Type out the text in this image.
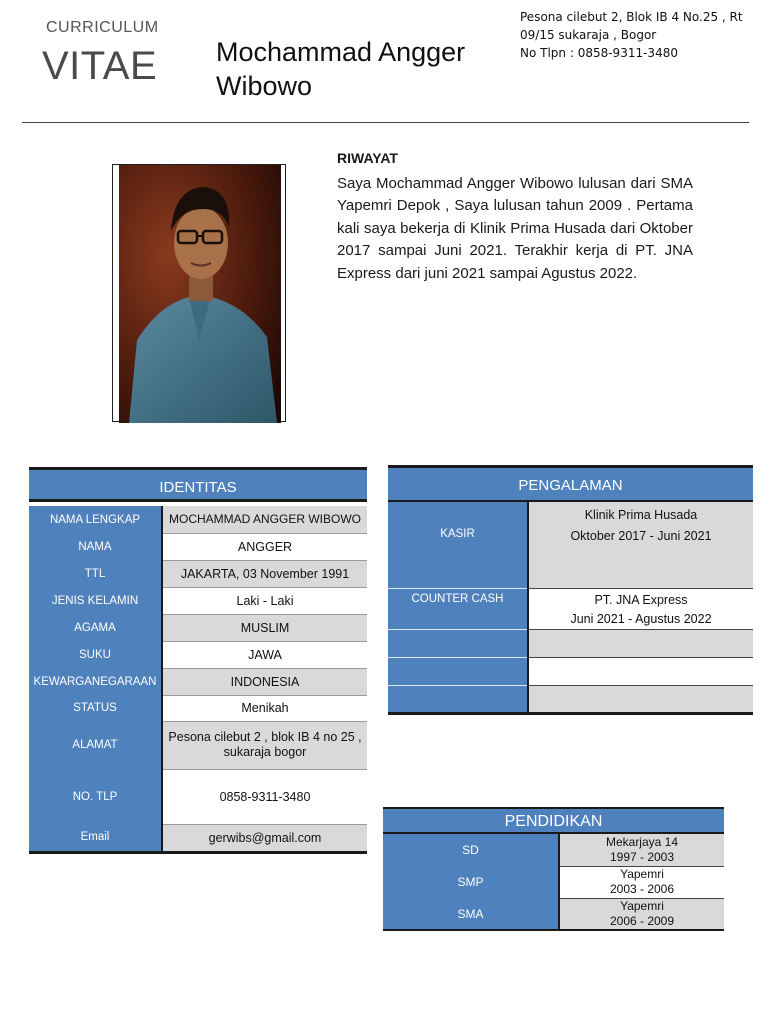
CURRICULUM
VITAE Mochammad Angger
Wibowo
Pesona cilebut 2, Blok IB 4 No.25 , Rt
09/15 sukaraja , Bogor
No Tlpn : 0858-9311-3480
RIWAYAT
Saya Mochammad Angger Wibowo lulusan dari SMA Yapemri Depok , Saya lulusan tahun 2009 . Pertama kali saya bekerja di Klinik Prima Husada dari Oktober 2017 sampai Juni 2021. Terakhir kerja di PT. JNA Express dari juni 2021 sampai Agustus 2022.
IDENTITAS
NAMA LENGKAP	MOCHAMMAD ANGGER WIBOWO
NAMA	ANGGER
TTL	JAKARTA, 03 November 1991
JENIS KELAMIN	Laki - Laki
AGAMA	MUSLIM
SUKU	JAWA
KEWARGANEGARAAN	INDONESIA
STATUS	Menikah
ALAMAT	Pesona cilebut 2 , blok IB 4 no 25 , sukaraja bogor
NO. TLP	0858-9311-3480
Email	gerwibs@gmail.com
PENGALAMAN
KASIR	Klinik Prima Husada
Oktober 2017 - Juni 2021

COUNTER CASH	PT. JNA Express
Juni 2021 - Agustus 2022

PENDIDIKAN
SD	Mekarjaya 14
1997 - 2003

SMP	Yapemri
2003 - 2006

SMA	Yapemri
2006 - 2009
